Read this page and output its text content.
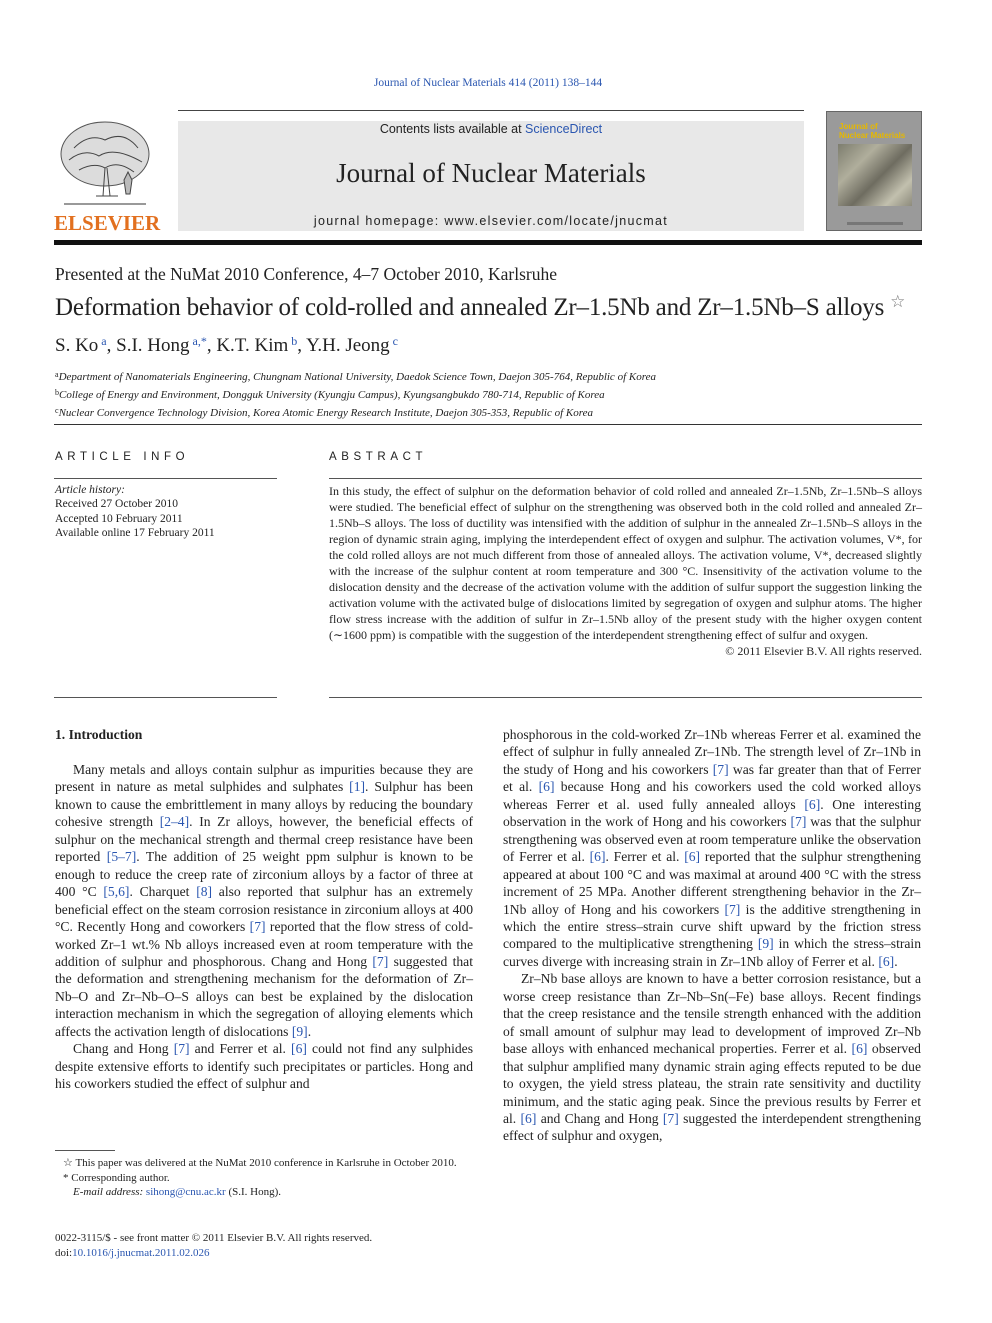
Journal of Nuclear Materials 414 (2011) 138–144
ELSEVIER
Contents lists available at ScienceDirect
Journal of Nuclear Materials
journal homepage: www.elsevier.com/locate/jnucmat
Journal of
Nuclear Materials
Presented at the NuMat 2010 Conference, 4–7 October 2010, Karlsruhe
Deformation behavior of cold-rolled and annealed Zr–1.5Nb and Zr–1.5Nb–S alloys ☆
S. Ko $^a$, S.I. Hong $^{a,*}$, K.T. Kim $^b$, Y.H. Jeong $^c$
$^a$Department of Nanomaterials Engineering, Chungnam National University, Daedok Science Town, Daejon 305-764, Republic of Korea
$^b$College of Energy and Environment, Dongguk University (Kyungju Campus), Kyungsangbukdo 780-714, Republic of Korea
$^c$Nuclear Convergence Technology Division, Korea Atomic Energy Research Institute, Daejon 305-353, Republic of Korea
ARTICLE INFO	ABSTRACT
Article history:
Received 27 October 2010
Accepted 10 February 2011
Available online 17 February 2011
In this study, the effect of sulphur on the deformation behavior of cold rolled and annealed Zr–1.5Nb, Zr–1.5Nb–S alloys were studied. The beneficial effect of sulphur on the strengthening was observed both in the cold rolled and annealed Zr–1.5Nb–S alloys. The loss of ductility was intensified with the addition of sulphur in the annealed Zr–1.5Nb–S alloys in the region of dynamic strain aging, implying the interdependent effect of oxygen and sulphur. The activation volumes, V*, for the cold rolled alloys are not much different from those of annealed alloys. The activation volume, V*, decreased slightly with the increase of the sulphur content at room temperature and 300 °C. Insensitivity of the activation volume to the dislocation density and the decrease of the activation volume with the addition of sulfur support the suggestion linking the activation volume with the activated bulge of dislocations limited by segregation of oxygen and sulphur atoms. The higher flow stress increase with the addition of sulfur in Zr–1.5Nb alloy of the present study with the higher oxygen content (∼1600 ppm) is compatible with the suggestion of the interdependent strengthening effect of sulfur and oxygen.
© 2011 Elsevier B.V. All rights reserved.
1. Introduction

Many metals and alloys contain sulphur as impurities because they are present in nature as metal sulphides and sulphates [1]. Sulphur has been known to cause the embrittlement in many alloys by reducing the boundary cohesive strength [2–4]. In Zr alloys, however, the beneficial effects of sulphur on the mechanical strength and thermal creep resistance have been reported [5–7]. The addition of 25 weight ppm sulphur is known to be enough to reduce the creep rate of zirconium alloys by a factor of three at 400 °C [5,6]. Charquet [8] also reported that sulphur has an extremely beneficial effect on the steam corrosion resistance in zirconium alloys at 400 °C. Recently Hong and coworkers [7] reported that the flow stress of cold-worked Zr–1 wt.% Nb alloys increased even at room temperature with the addition of sulphur and phosphorous. Chang and Hong [7] suggested that the deformation and strengthening mechanism for the deformation of Zr–Nb–O and Zr–Nb–O–S alloys can best be explained by the dislocation interaction mechanism in which the segregation of alloying elements which affects the activation length of dislocations [9].

Chang and Hong [7] and Ferrer et al. [6] could not find any sulphides despite extensive efforts to identify such precipitates or particles. Hong and his coworkers studied the effect of sulphur and

phosphorous in the cold-worked Zr–1Nb whereas Ferrer et al. examined the effect of sulphur in fully annealed Zr–1Nb. The strength level of Zr–1Nb in the study of Hong and his coworkers [7] was far greater than that of Ferrer et al. [6] because Hong and his coworkers used the cold worked alloys whereas Ferrer et al. used fully annealed alloys [6]. One interesting observation in the work of Hong and his coworkers [7] was that the sulphur strengthening was observed even at room temperature unlike the observation of Ferrer et al. [6]. Ferrer et al. [6] reported that the sulphur strengthening appeared at about 100 °C and was maximal at around 400 °C with the stress increment of 25 MPa. Another different strengthening behavior in the Zr–1Nb alloy of Hong and his coworkers [7] is the additive strengthening in which the entire stress–strain curve shift upward by the friction stress compared to the multiplicative strengthening [9] in which the stress–strain curves diverge with increasing strain in Zr–1Nb alloy of Ferrer et al. [6].

Zr–Nb base alloys are known to have a better corrosion resistance, but a worse creep resistance than Zr–Nb–Sn(–Fe) base alloys. Recent findings that the creep resistance and the tensile strength enhanced with the addition of small amount of sulphur may lead to development of improved Zr–Nb base alloys with enhanced mechanical properties. Ferrer et al. [6] observed that sulphur amplified many dynamic strain aging effects reputed to be due to oxygen, the yield stress plateau, the strain rate sensitivity and ductility minimum, and the static aging peak. Since the previous results by Ferrer et al. [6] and Chang and Hong [7] suggested the interdependent strengthening effect of sulphur and oxygen,

☆ This paper was delivered at the NuMat 2010 conference in Karlsruhe in October 2010.
* Corresponding author.
E-mail address: sihong@cnu.ac.kr (S.I. Hong).
0022-3115/$ - see front matter © 2011 Elsevier B.V. All rights reserved.
doi:10.1016/j.jnucmat.2011.02.026
